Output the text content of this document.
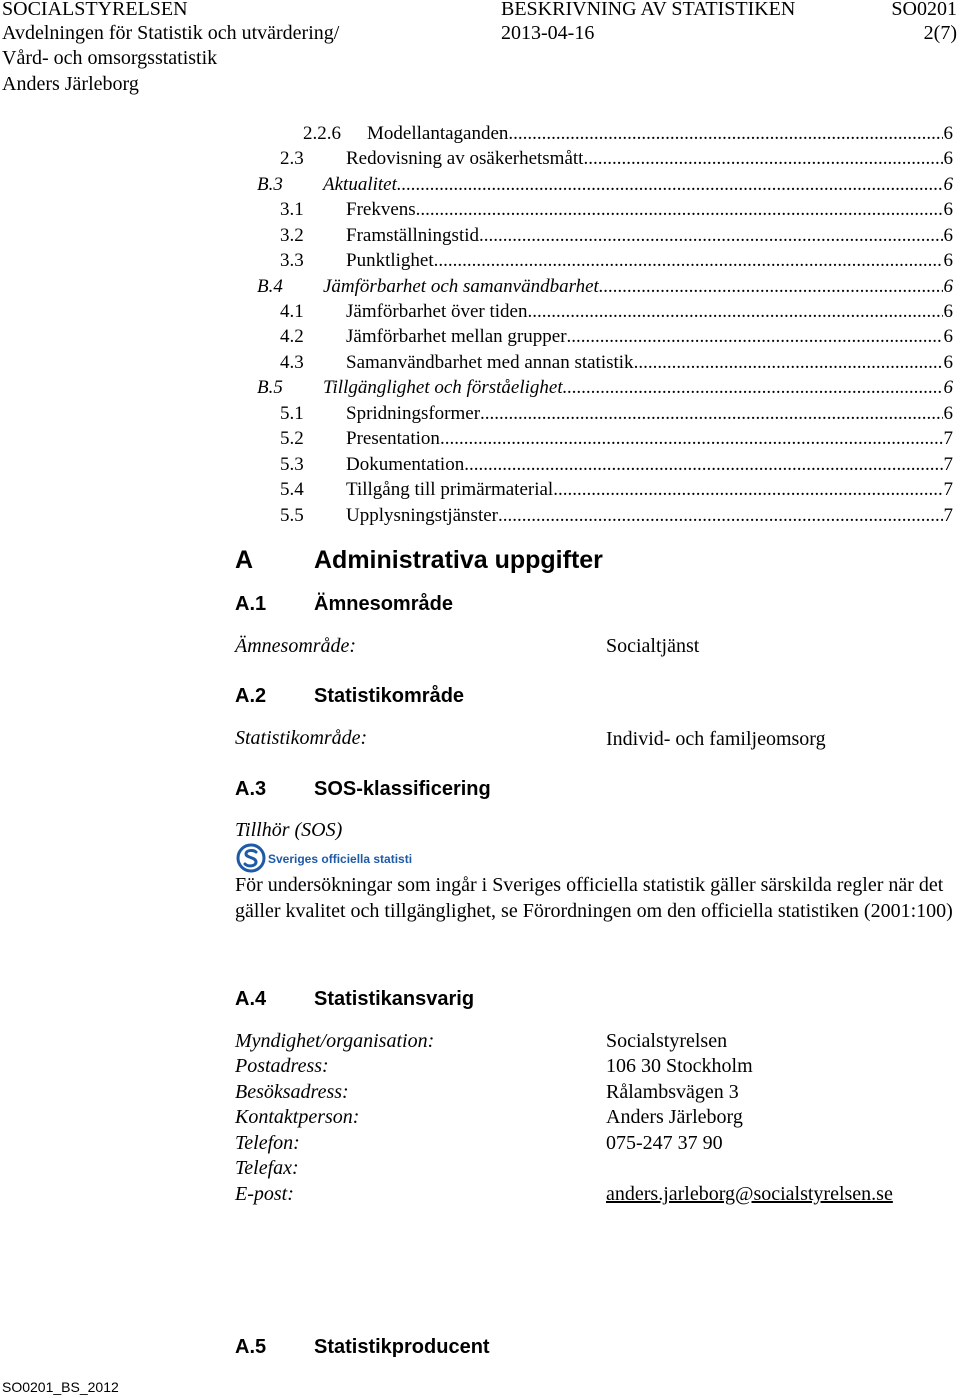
SOCIALSTYRELSEN
Avdelningen för Statistik och utvärdering/
Vård- och omsorgsstatistik
Anders Järleborg
BESKRIVNING AV STATISTIKEN
2013-04-16
SO0201
2(7)
2.2.6 Modellantaganden .....	6
2.3 Redovisning av osäkerhetsmått .....	6
B.3 Aktualitet .....	6
3.1 Frekvens .....	6
3.2 Framställningstid .....	6
3.3 Punktlighet .....	6
B.4 Jämförbarhet och samanvändbarhet .....	6
4.1 Jämförbarhet över tiden .....	6
4.2 Jämförbarhet mellan grupper .....	6
4.3 Samanvändbarhet med annan statistik .....	6
B.5 Tillgänglighet och förståelighet .....	6
5.1 Spridningsformer .....	6
5.2 Presentation .....	7
5.3 Dokumentation .....	7
5.4 Tillgång till primärmaterial .....	7
5.5 Upplysningstjänster .....	7
A Administrativa uppgifter
A.1 Ämnesområde
Ämnesområde:	Socialtjänst
A.2 Statistikområde
Statistikområde:	Individ- och familjeomsorg
A.3 SOS-klassificering
Tillhör (SOS)
Sveriges officiella statistik
För undersökningar som ingår i Sveriges officiella statistik gäller särskilda regler när det gäller kvalitet och tillgänglighet, se Förordningen om den officiella statistiken (2001:100)
A.4 Statistikansvarig
Myndighet/organisation:	Socialstyrelsen
Postadress:	106 30 Stockholm
Besöksadress:	Rålambsvägen 3
Kontaktperson:	Anders Järleborg
Telefon:	075-247 37 90
Telefax:
E-post:	anders.jarleborg@socialstyrelsen.se
A.5 Statistikproducent
SO0201_BS_2012
